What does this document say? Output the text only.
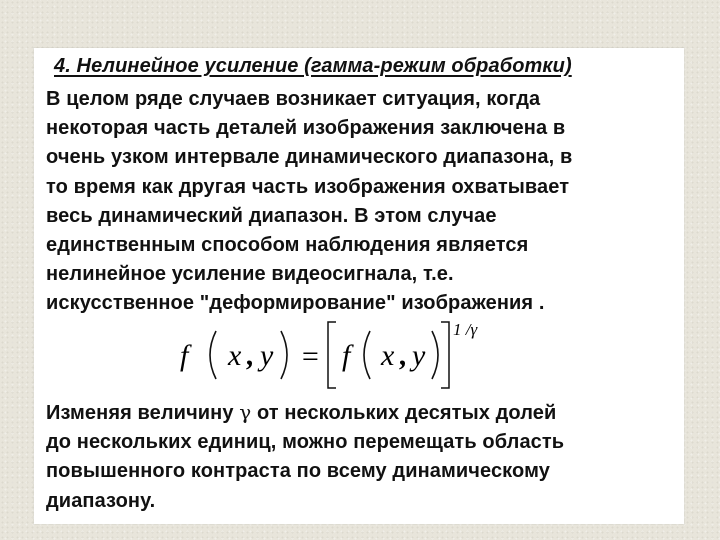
4. Нелинейное усиление (гамма-режим обработки)

В целом ряде случаев возникает ситуация, когда
некоторая часть деталей изображения заключена в
очень узком интервале динамического диапазона, в
то время как другая часть изображения охватывает
весь динамический диапазон. В этом случае
единственным способом наблюдения является
нелинейное усиление видеосигнала, т.е.
искусственное "деформирование" изображения .

f x , y = f x , y
1 /γ

Изменяя величину γ от нескольких десятых долей
до нескольких единиц, можно перемещать область
повышенного контраста по всему динамическому
диапазону.
